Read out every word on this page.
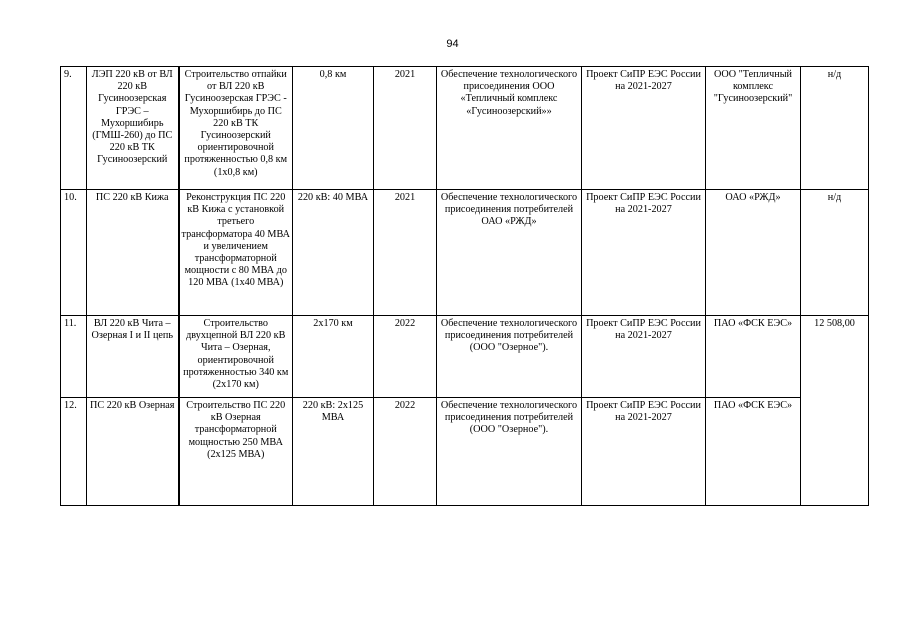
94
9.	ЛЭП 220 кВ от ВЛ 220 кВ Гусиноозерская ГРЭС – Мухоршибирь (ГМШ-260) до ПС 220 кВ ТК Гусиноозерский	Строительство отпайки от ВЛ 220 кВ Гусиноозерская ГРЭС - Мухоршибирь до ПС 220 кВ ТК Гусиноозерский ориентировочной протяженностью 0,8 км (1х0,8 км)	0,8 км	2021	Обеспечение технологического присоединения ООО «Тепличный комплекс «Гусиноозерский»»	Проект СиПР ЕЭС России на 2021-2027	ООО "Тепличный комплекс "Гусиноозерский"	н/д
10.	ПС 220 кВ Кижа	Реконструкция ПС 220 кВ Кижа с установкой третьего трансформатора 40 МВА и увеличением трансформаторной мощности с 80 МВА до 120 МВА (1х40 МВА)	220 кВ: 40 МВА	2021	Обеспечение технологического присоединения потребителей ОАО «РЖД»	Проект СиПР ЕЭС России на 2021-2027	ОАО «РЖД»	н/д
11.	ВЛ 220 кВ Чита – Озерная I и II цепь	Строительство двухцепной ВЛ 220 кВ Чита – Озерная, ориентировочной протяженностью 340 км (2х170 км)	2х170 км	2022	Обеспечение технологического присоединения потребителей (ООО "Озерное").	Проект СиПР ЕЭС России на 2021-2027	ПАО «ФСК ЕЭС»	12 508,00
12.	ПС 220 кВ Озерная	Строительство ПС 220 кВ Озерная трансформаторной мощностью 250 МВА (2х125 МВА)	220 кВ: 2х125 МВА	2022	Обеспечение технологического присоединения потребителей (ООО "Озерное").	Проект СиПР ЕЭС России на 2021-2027	ПАО «ФСК ЕЭС»	
